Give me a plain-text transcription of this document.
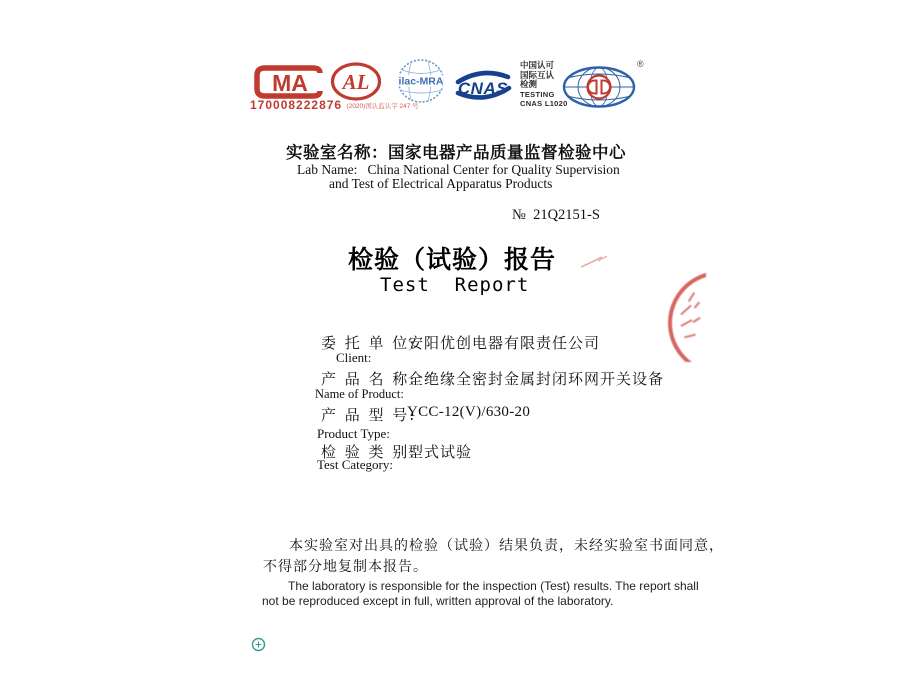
MA
170008222876 (2020)国认监认字 247 号
AL	ilac-MRA CNAS
中国认可
国际互认
检测
TESTING
CNAS L1020
®
实验室名称：国家电器产品质量监督检验中心
Lab Name:   China National Center for Quality Supervision
and Test of Electrical Apparatus Products
№  21Q2151-S
检验（试验）报告
Test  Report
委 托 单 位:
安阳优创电器有限责任公司
Client:
产 品 名 称:
全绝缘全密封金属封闭环网开关设备
Name of Product:
产 品 型 号:
YCC-12(V)/630-20
Product Type:
检 验 类 别:
型式试验
Test Category:
本实验室对出具的检验（试验）结果负责，未经实验室书面同意，
不得部分地复制本报告。
The laboratory is responsible for the inspection (Test) results. The report shall
not be reproduced except in full, written approval of the laboratory.
